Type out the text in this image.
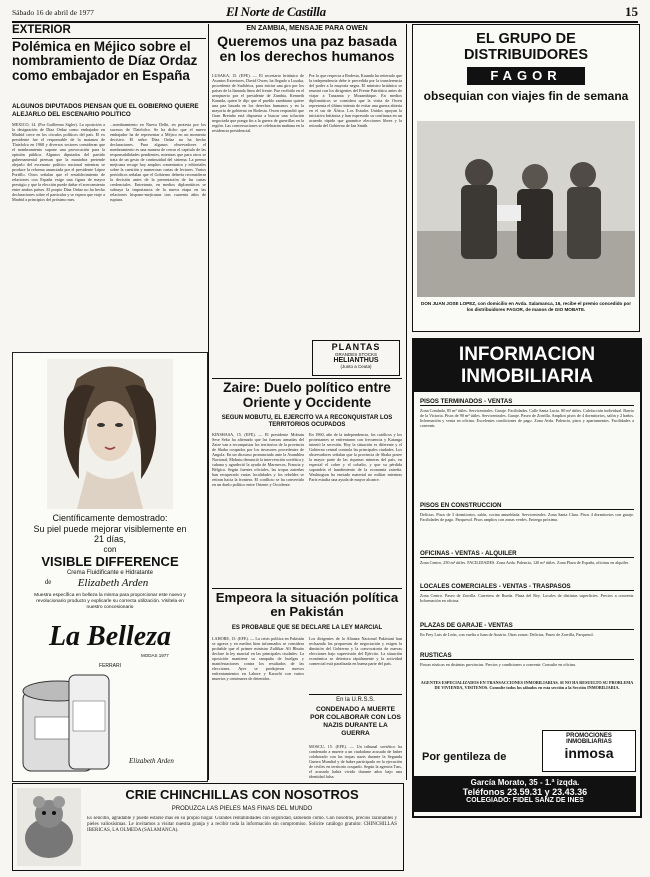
Sábado 16 de abril de 1977	El Norte de Castilla	15
EXTERIOR
Polémica en Méjico sobre el nombramiento de Díaz Ordaz como embajador en España
ALGUNOS DIPUTADOS PIENSAN QUE EL GOBIERNO QUIERE ALEJARLO DEL ESCENARIO POLITICO
MEXICO, 14. (Por Guillermo Sigler). La oposición a la designación de Díaz Ordaz como embajador en Madrid crece en los círculos políticos del país. El ex presidente fue el responsable de la matanza de Tlatelolco en 1968 y diversos sectores consideran que el nombramiento supone una provocación para la opinión pública. Algunos diputados del partido gubernamental piensan que la maniobra pretende alejarlo del escenario político nacional mientras se produce la reforma anunciada por el presidente López Portillo. Otros señalan que el restablecimiento de relaciones con España exige una figura de mayor prestigio y que la elección puede dañar el acercamiento entre ambos países. El propio Díaz Ordaz no ha hecho declaraciones sobre el particular y se espera que viaje a Madrid a principios del próximo mes.
...nombramiento en Nueva Delhi, en protesta por los sucesos de Tlatelolco. Se ha dicho que el nuevo embajador ha de representar a Méjico en un momento decisivo. El señor Díaz Ordaz no ha hecho declaraciones. Para algunos observadores el nombramiento es una manera de cerrar el capítulo de las responsabilidades pendientes, mientras que para otros se trata de un gesto de continuidad del sistema. La prensa mejicana recoge hoy amplios comentarios y editoriales sobre la cuestión y numerosas cartas de lectores. Varios periódicos señalan que el Gobierno debería reconsiderar la decisión antes de la presentación de las cartas credenciales. Entretanto, en medios diplomáticos se subraya la importancia de la nueva etapa en las relaciones hispano-mejicanas tras cuarenta años de ruptura.
Científicamente demostrado:
Su piel puede mejorar visiblemente en 21 días,
con
VISIBLE DIFFERENCE
Crema Fluidificante e Hidratante
de	Elizabeth Arden
Muestra específica en belleza la misma para proporcionar este nuevo y revolucionario producto y explicarle su correcta utilización. Visítela en nuestro concesionario
La Belleza
MODAS 1977
FERRARI
Elizabeth Arden
CRIE CHINCHILLAS CON NOSOTROS
PRODUZCA LAS PIELES MAS FINAS DEL MUNDO
Es sencillo, agradable y puede estarse más en su propio hogar. Grandes rentabilidades con seguridad, sabiendo cómo. Con nosotros, precios razonables y pieles valiosísimas. Le invitamos a visitar nuestra granja y a recibir toda la información sin compromiso. Solicite catálogo gratuito: CHINCHILLAS IBERICAS, LA OLMEDA (SALAMANCA).
EN ZAMBIA, MENSAJE PARA OWEN
Queremos una paz basada en los derechos humanos
LUSAKA, 15. (EFE). — El secretario británico de Asuntos Exteriores, David Owen, ha llegado a Lusaka, procedente de Sudáfrica, para iniciar una gira por los países de la llamada línea del frente. Fue recibido en el aeropuerto por el presidente de Zambia, Kenneth Kaunda, quien le dijo que el pueblo zambiano quiere una paz basada en los derechos humanos y en la mayoría de gobierno en Rodesia. Owen respondió que Gran Bretaña está dispuesta a buscar una solución negociada que ponga fin a la guerra de guerrillas en la región. Las conversaciones se celebrarán mañana en la residencia presidencial.
Por lo que respecta a Rodesia, Kaunda ha reiterado que la independencia debe ir precedida por la transferencia del poder a la mayoría negra. El ministro británico se reunirá con los dirigentes del Frente Patriótico antes de viajar a Tanzania y Mozambique. En medios diplomáticos se considera que la visita de Owen representa el último intento de evitar una guerra abierta en el sur de África. Los Estados Unidos apoyan la iniciativa británica y han expresado su confianza en un acuerdo rápido que garantice elecciones libres y la retirada del Gobierno de Ian Smith.
PLANTAS
GRANDES STOCKS
HELIANTHUS
(Junto a Ceuta)
Zaire: Duelo político entre Oriente y Occidente
SEGUN MOBUTU, EL EJERCITO VA A RECONQUISTAR LOS TERRITORIOS OCUPADOS
KINSHASA, 15. (EFE). — El presidente Mobutu Sese Seko ha afirmado que las fuerzas armadas del Zaire van a reconquistar los territorios de la provincia de Shaba ocupados por los invasores procedentes de Angola. En un discurso pronunciado ante la Asamblea Nacional, Mobutu denunció la intervención soviética y cubana y agradeció la ayuda de Marruecos, Francia y Bélgica. Según fuentes oficiales, las tropas zaireñas han recuperado varias localidades y los rebeldes se retiran hacia la frontera. El conflicto se ha convertido en un duelo político entre Oriente y Occidente.
En 1960, año de la independencia, los católicos y los protestantes se enfrentaron con frecuencia y Katanga intentó la secesión. Hoy la situación es diferente y el Gobierno central controla las principales ciudades. Los observadores señalan que la provincia de Shaba posee la mayor parte de las riquezas mineras del país, en especial el cobre y el cobalto, y que su pérdida supondría el hundimiento de la economía zaireña. Washington ha enviado material no militar mientras París estudia una ayuda de mayor alcance.
Empeora la situación política en Pakistán
ES PROBABLE QUE SE DECLARE LA LEY MARCIAL
LAHORE, 15. (EFE). — La crisis política en Pakistán se agrava y en medios bien informados se considera probable que el primer ministro Zulfikar Alí Bhutto declare la ley marcial en las principales ciudades. La oposición mantiene su campaña de huelgas y manifestaciones contra los resultados de las elecciones. Ayer se produjeron nuevos enfrentamientos en Lahore y Karachi con varios muertos y centenares de detenidos.
Los dirigentes de la Alianza Nacional Pakistaní han rechazado las propuestas de negociación y exigen la dimisión del Gobierno y la convocatoria de nuevas elecciones bajo supervisión del Ejército. La situación económica se deteriora rápidamente y la actividad comercial está paralizada en buena parte del país.
En la U.R.S.S.
CONDENADO A MUERTE POR COLABORAR CON LOS NAZIS DURANTE LA GUERRA
MOSCU, 15. (EFE). — Un tribunal soviético ha condenado a muerte a un ciudadano acusado de haber colaborado con las tropas nazis durante la Segunda Guerra Mundial y de haber participado en la ejecución de civiles en territorio ocupado. Según la agencia Tass, el acusado había vivido durante años bajo una identidad falsa.
EL GRUPO DE DISTRIBUIDORES
FAGOR
obsequian con viajes fin de semana
DON JUAN JOSE LOPEZ, con domicilio en Avda. Salamanca, 16, recibe el premio concedido por los distribuidores FAGOR, de manos de GIO MOBATE.
INFORMACION INMOBILIARIA
PISOS TERMINADOS - VENTAS
Zona Condado, 85 m² útiles. Servicentrales. Garaje. Facilidades. Calle Santa Lucía. 80 m² útiles. Calefacción individual. Barrio de la Victoria. Pisos de 90 m² útiles. Servicentrales. Garaje. Paseo de Zorrilla. Amplios pisos de 4 dormitorios, salón y 2 baños. Información y venta en oficina. Excelentes condiciones de pago. Zona Avda. Palencia, pisos y apartamentos. Facilidades a convenir.
PISOS EN CONSTRUCCION
Delicias. Pisos de 3 dormitorios, salón, cocina amueblada. Servicentrales. Zona Santa Clara. Pisos 4 dormitorios con garaje. Facilidades de pago. Parquesol. Pisos amplios con zonas verdes. Entrega próxima.
OFICINAS - VENTAS - ALQUILER
Zona Centro, 250 m² útiles. FACILIDADES. Zona Avda. Palencia, 120 m² útiles. Zona Plaza de España, oficinas en alquiler.
LOCALES COMERCIALES - VENTAS - TRASPASOS
Zona Centro. Paseo de Zorrilla. Carretera de Rueda. Plaza del Rey. Locales de distintas superficies. Precios a convenir. Información en oficina.
PLAZAS DE GARAJE - VENTAS
En Frey Luis de León, con vuelta a Juan de Austria. Otras zonas: Delicias, Paseo de Zorrilla, Parquesol.
RUSTICAS
Fincas rústicas en distintas provincias. Precios y condiciones a convenir. Consulte en oficina.
AGENTES ESPECIALIZADOS EN TRANSACCIONES INMOBILIARIAS. SI NO HA RESUELTO SU PROBLEMA DE VIVIENDA, VISITENOS. Consulte todos los sábados en esta sección a la Sección INMOBILIARIA.
PROMOCIONES
INMOBILIARIAS
inmosa
Por gentileza de
García Morato, 35 - 1.ª izqda.
Teléfonos 23.59.31 y 23.43.36
COLEGIADO: FIDEL SANZ DE INES
